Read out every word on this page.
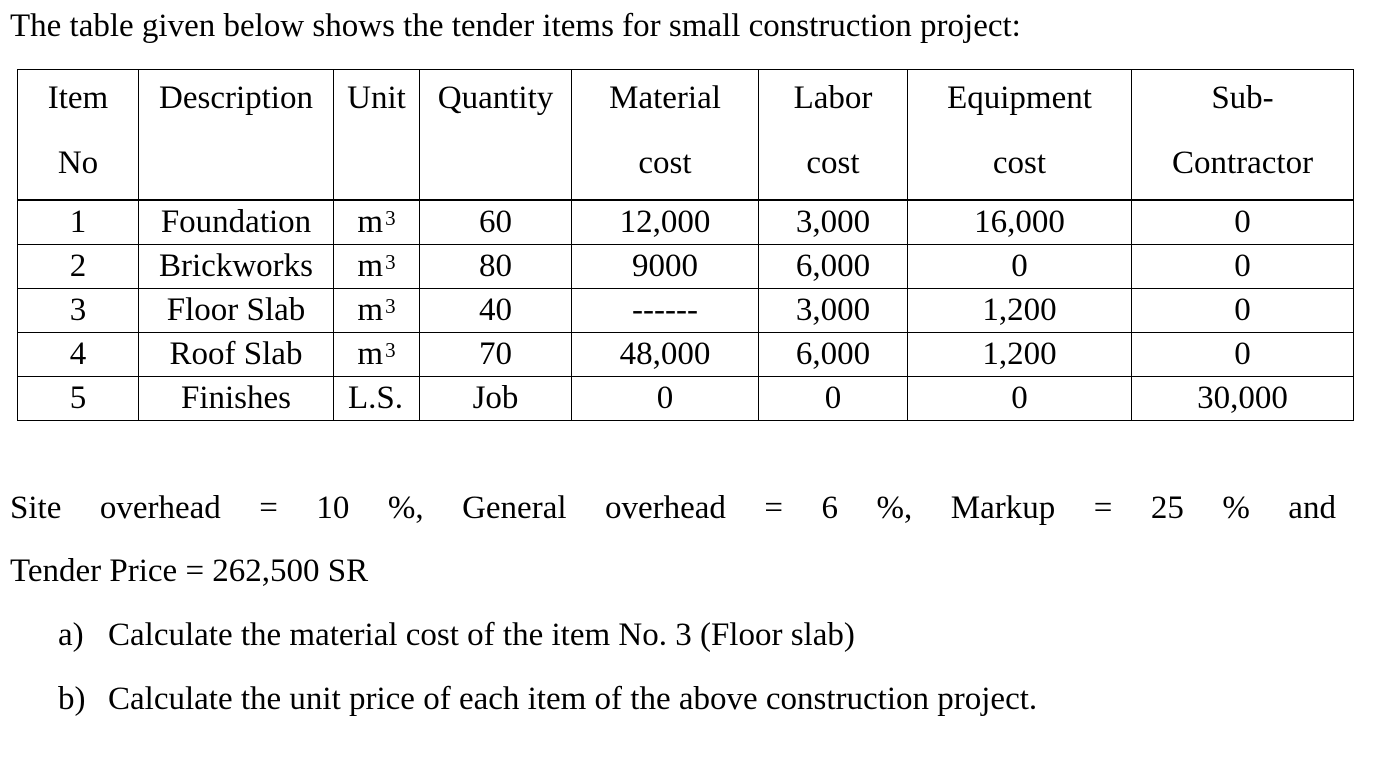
The table given below shows the tender items for small construction project:
Item	Description	Unit	Quantity	Material	Labor	Equipment	Sub-
No				cost	cost	cost	Contractor
1	Foundation	$m^3$	60	12,000	3,000	16,000	0
2	Brickworks	$m^3$	80	9000	6,000	0	0
3	Floor Slab	$m^3$	40	------	3,000	1,200	0
4	Roof Slab	$m^3$	70	48,000	6,000	1,200	0
5	Finishes	L.S.	Job	0	0	0	30,000
Site overhead = 10 %, General overhead = 6 %, Markup = 25 % and
Tender Price = 262,500 SR
a) Calculate the material cost of the item No. 3 (Floor slab)
b) Calculate the unit price of each item of the above construction project.
